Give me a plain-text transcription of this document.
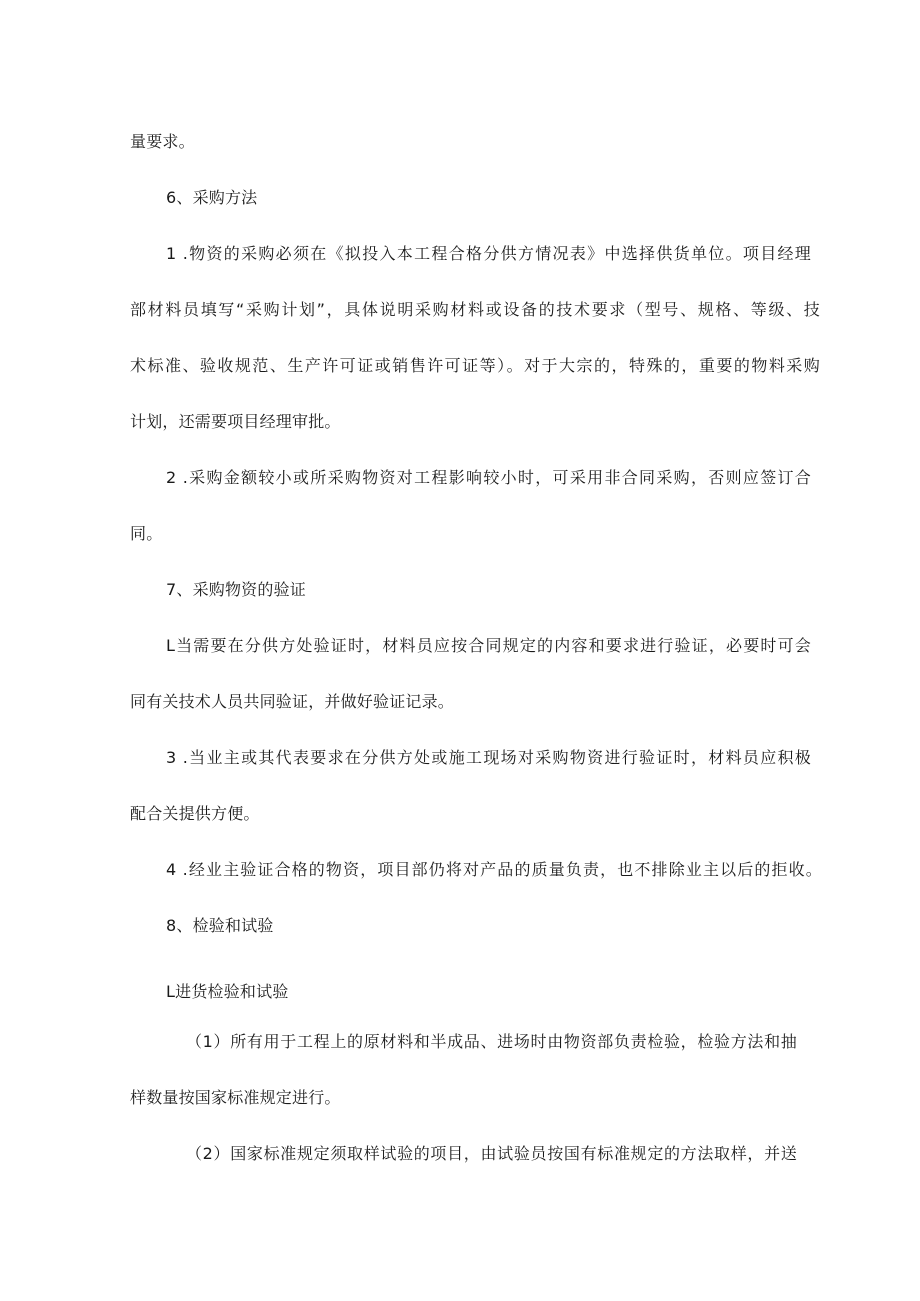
量要求。
6、采购方法
1 .物资的采购必须在《拟投入本工程合格分供方情况表》中选择供货单位。项目经理
部材料员填写“采购计划”，具体说明采购材料或设备的技术要求（型号、规格、等级、技
术标准、验收规范、生产许可证或销售许可证等）。对于大宗的，特殊的，重要的物料采购
计划，还需要项目经理审批。
2 .采购金额较小或所采购物资对工程影响较小时，可采用非合同采购，否则应签订合
同。
7、采购物资的验证
L当需要在分供方处验证时，材料员应按合同规定的内容和要求进行验证，必要时可会
同有关技术人员共同验证，并做好验证记录。
3 .当业主或其代表要求在分供方处或施工现场对采购物资进行验证时，材料员应积极
配合关提供方便。
4 .经业主验证合格的物资，项目部仍将对产品的质量负责，也不排除业主以后的拒收。
8、检验和试验
L进货检验和试验
（1）所有用于工程上的原材料和半成品、进场时由物资部负责检验，检验方法和抽
样数量按国家标准规定进行。
（2）国家标准规定须取样试验的项目，由试验员按国有标准规定的方法取样，并送
